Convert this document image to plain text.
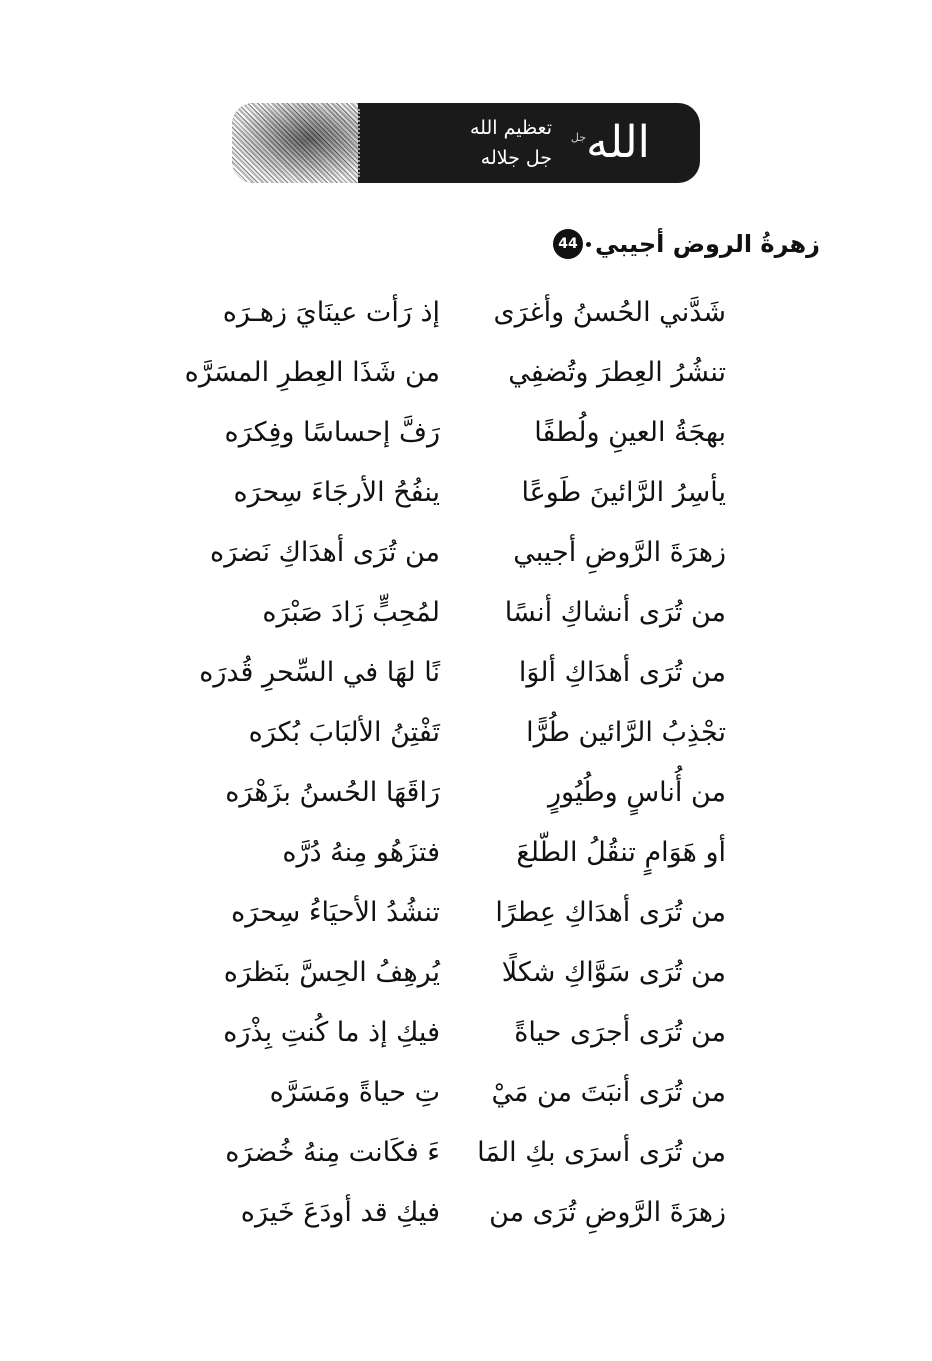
تعظيم الله
جل جلاله الله
جل
44 زهرةُ الروض أجيبي
شَدَّني الحُسنُ وأغرَى
إذ رَأت عينَايَ زهـرَه
تنشُرُ العِطرَ وتُضفِي
من شَذَا العِطرِ المسَرَّه
بهجَةُ العينِ ولُطفًا
رَفَّ إحساسًا وفِكرَه
يأسِرُ الرَّائينَ طَوعًا
ينفُحُ الأرجَاءَ سِحرَه
زهرَةَ الرَّوضِ أجيبي
من تُرَى أهدَاكِ نَضرَه
من تُرَى أنشاكِ أنسًا
لمُحِبٍّ زَادَ صَبْرَه
من تُرَى أهدَاكِ ألوَا
نًا لهَا في السِّحرِ قُدرَه
تجْذِبُ الرَّائين طُرًّا
تَفْتِنُ الألبَابَ بُكرَه
من أُناسٍ وطُيُورٍ
رَاقَهَا الحُسنُ بزَهْرَه
أو هَوَامٍ تنقُلُ الطّلعَ
فتزَهُو مِنهُ دُرَّه
من تُرَى أهدَاكِ عِطرًا
تنشُدُ الأحيَاءُ سِحرَه
من تُرَى سَوَّاكِ شكلًا
يُرهِفُ الحِسَّ بنَظرَه
من تُرَى أجرَى حياةً
فيكِ إذ ما كُنتِ بِذْرَه
من تُرَى أنبَتَ من مَيْ
تِ حياةً ومَسَرَّه
من تُرَى أسرَى بكِ المَا
ءَ فكَانت مِنهُ خُضرَه
زهرَةَ الرَّوضِ تُرَى من
فيكِ قد أودَعَ خَيرَه
